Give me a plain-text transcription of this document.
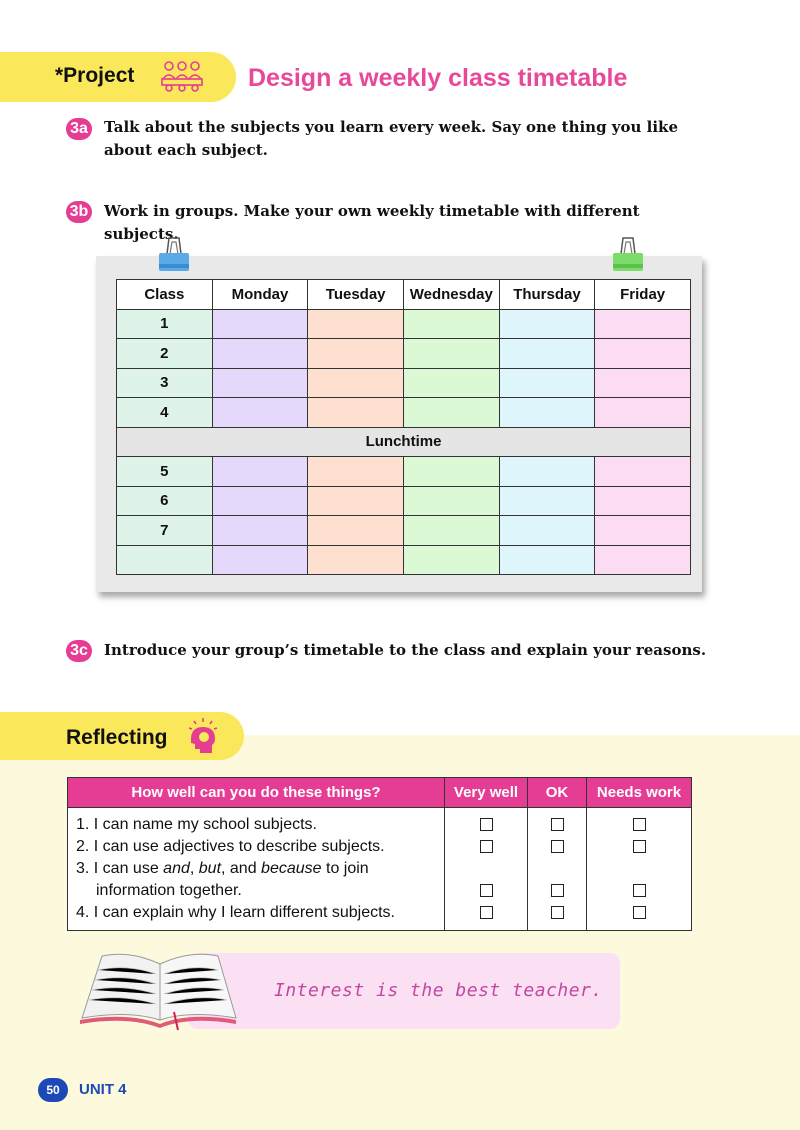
*Project	Design a weekly class timetable
3a Talk about the subjects you learn every week. Say one thing you like about each subject.
3b Work in groups. Make your own weekly timetable with different subjects.
Class	Monday	Tuesday	Wednesday	Thursday	Friday
1					
2					
3					
4					
Lunchtime					
5					
6					
7					

3c Introduce your group’s timetable to the class and explain your reasons.
Reflecting
How well can you do these things?	Very well	OK	Needs work

1. I can name my school subjects.
2. I can use adjectives to describe subjects.
3. I can use and, but, and because to join
information together.
4. I can explain why I learn different subjects.			

Interest is the best teacher.
50	UNIT 4
